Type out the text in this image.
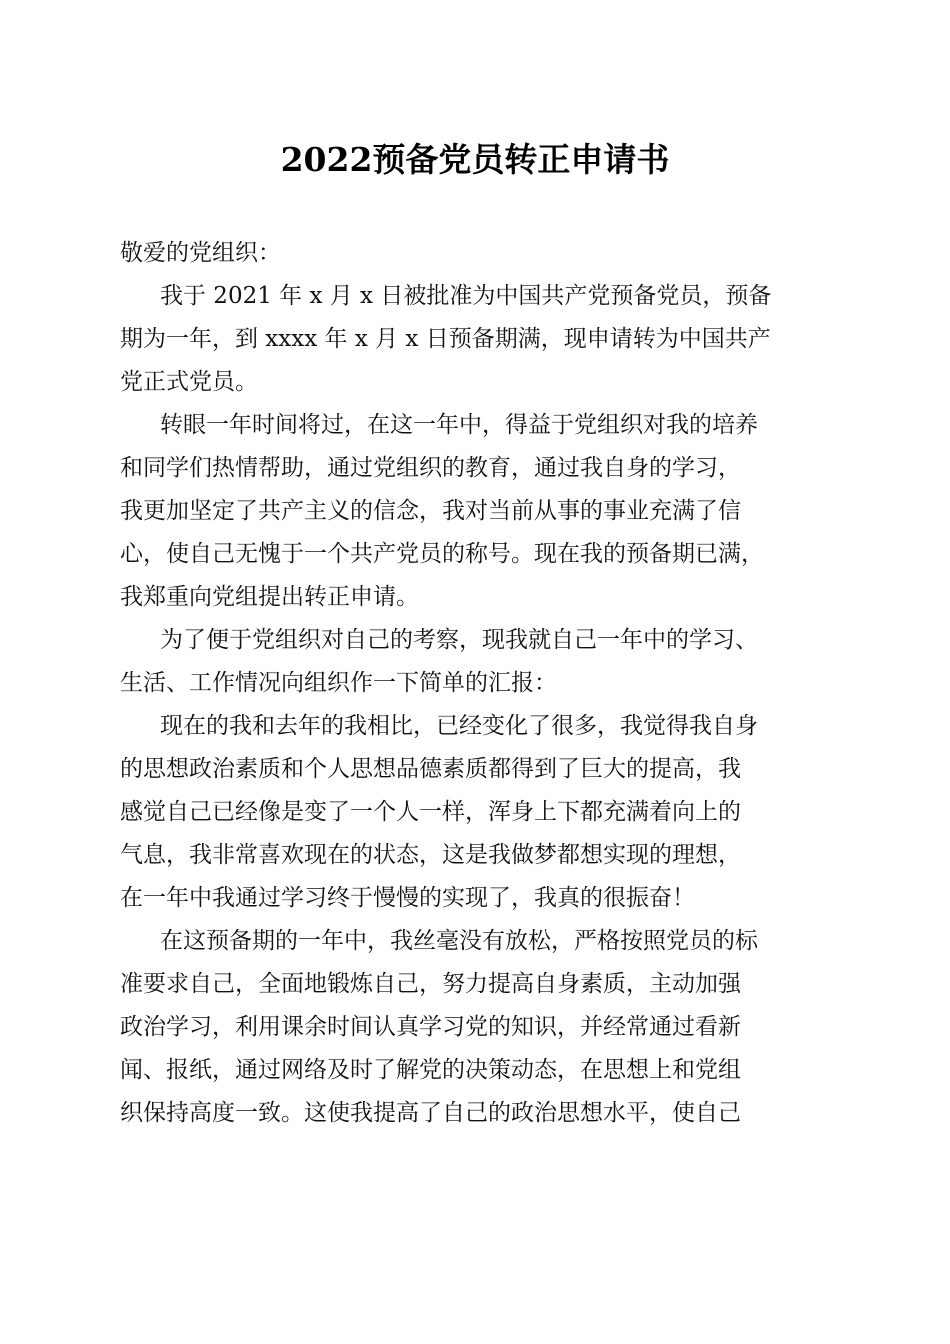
2022预备党员转正申请书
敬爱的党组织：
我于 2021 年 x 月 x 日被批准为中国共产党预备党员，预备
期为一年，到 xxxx 年 x 月 x 日预备期满，现申请转为中国共产
党正式党员。
转眼一年时间将过，在这一年中，得益于党组织对我的培养
和同学们热情帮助，通过党组织的教育，通过我自身的学习，
我更加坚定了共产主义的信念，我对当前从事的事业充满了信
心，使自己无愧于一个共产党员的称号。现在我的预备期已满，
我郑重向党组提出转正申请。
为了便于党组织对自己的考察，现我就自己一年中的学习、
生活、工作情况向组织作一下简单的汇报：
现在的我和去年的我相比，已经变化了很多，我觉得我自身
的思想政治素质和个人思想品德素质都得到了巨大的提高，我
感觉自己已经像是变了一个人一样，浑身上下都充满着向上的
气息，我非常喜欢现在的状态，这是我做梦都想实现的理想，
在一年中我通过学习终于慢慢的实现了，我真的很振奋！
在这预备期的一年中，我丝毫没有放松，严格按照党员的标
准要求自己，全面地锻炼自己，努力提高自身素质，主动加强
政治学习，利用课余时间认真学习党的知识，并经常通过看新
闻、报纸，通过网络及时了解党的决策动态，在思想上和党组
织保持高度一致。这使我提高了自己的政治思想水平，使自己
